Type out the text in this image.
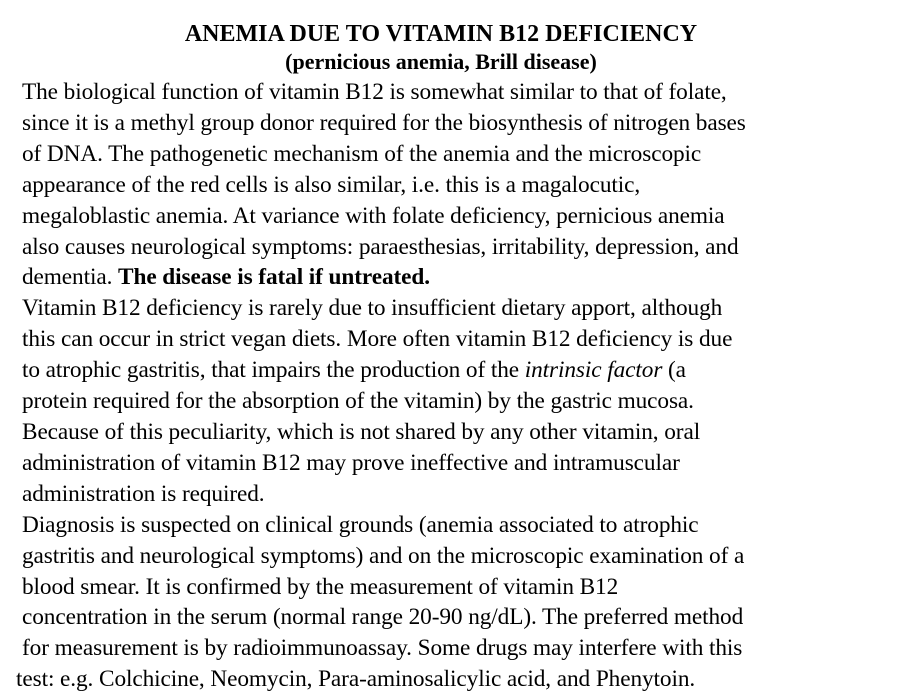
ANEMIA DUE TO VITAMIN B12 DEFICIENCY
(pernicious anemia, Brill disease)

The biological function of vitamin B12 is somewhat similar to that of folate,
since it is a methyl group donor required for the biosynthesis of nitrogen bases
of DNA. The pathogenetic mechanism of the anemia and the microscopic
appearance of the red cells is also similar, i.e. this is a magalocutic,
megaloblastic anemia. At variance with folate deficiency, pernicious anemia
also causes neurological symptoms: paraesthesias, irritability, depression, and
dementia. The disease is fatal if untreated.

Vitamin B12 deficiency is rarely due to insufficient dietary apport, although
this can occur in strict vegan diets. More often vitamin B12 deficiency is due
to atrophic gastritis, that impairs the production of the intrinsic factor (a
protein required for the absorption of the vitamin) by the gastric mucosa.
Because of this peculiarity, which is not shared by any other vitamin, oral
administration of vitamin B12 may prove ineffective and intramuscular
administration is required.

Diagnosis is suspected on clinical grounds (anemia associated to atrophic
gastritis and neurological symptoms) and on the microscopic examination of a
blood smear. It is confirmed by the measurement of vitamin B12
concentration in the serum (normal range 20-90 ng/dL). The preferred method
for measurement is by radioimmunoassay. Some drugs may interfere with this
test: e.g. Colchicine, Neomycin, Para-aminosalicylic acid, and Phenytoin.
